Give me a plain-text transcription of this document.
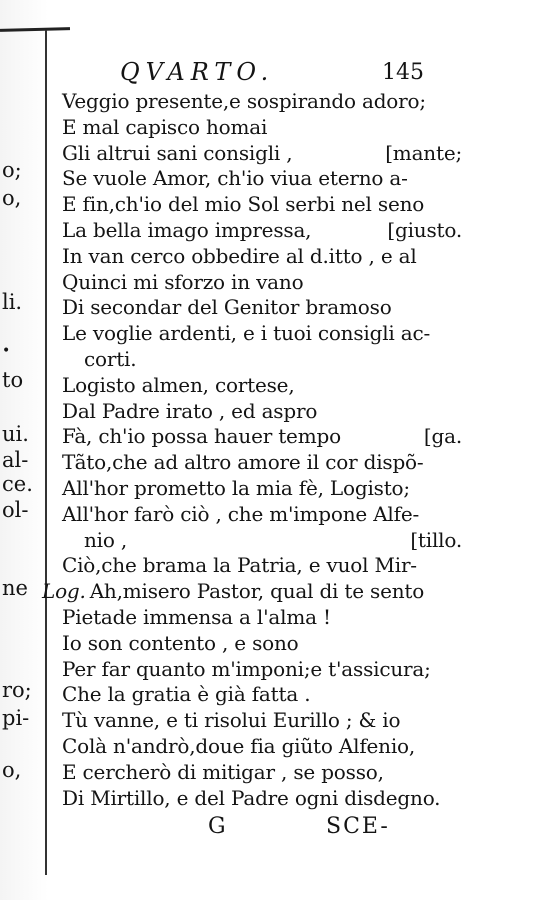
o;
o,
li.
•
to
ui.
al-
ce.
ol-
ne
ro;
pi-
o,
QVARTO.	145
Veggio presente,e sospirando adoro;
E mal capisco homai
Gli altrui sani consigli ,	[mante;
Se vuole Amor, ch'io viua eterno a-
E fin,ch'io del mio Sol serbi nel seno
La bella imago impressa,	[giusto.
In van cerco obbedire al d.itto , e al
Quinci mi sforzo in vano
Di secondar del Genitor bramoso
Le voglie ardenti, e i tuoi consigli ac-
corti.
Logisto almen, cortese,
Dal Padre irato , ed aspro
Fà, ch'io possa hauer tempo	[ga.
Tãto,che ad altro amore il cor dispõ-
All'hor prometto la mia fè, Logisto;
All'hor farò ciò , che m'impone Alfe-
nio ,	[tillo.
Ciò,che brama la Patria, e vuol Mir-
Log. Ah,misero Pastor, qual di te sento
Pietade immensa a l'alma !
Io son contento , e sono
Per far quanto m'imponi;e t'assicura;
Che la gratia è già fatta .
Tù vanne, e ti risolui Eurillo ; & io
Colà n'andrò,doue fia giũto Alfenio,
E cercherò di mitigar , se posso,
Di Mirtillo, e del Padre ogni disdegno.
G	SCE-
